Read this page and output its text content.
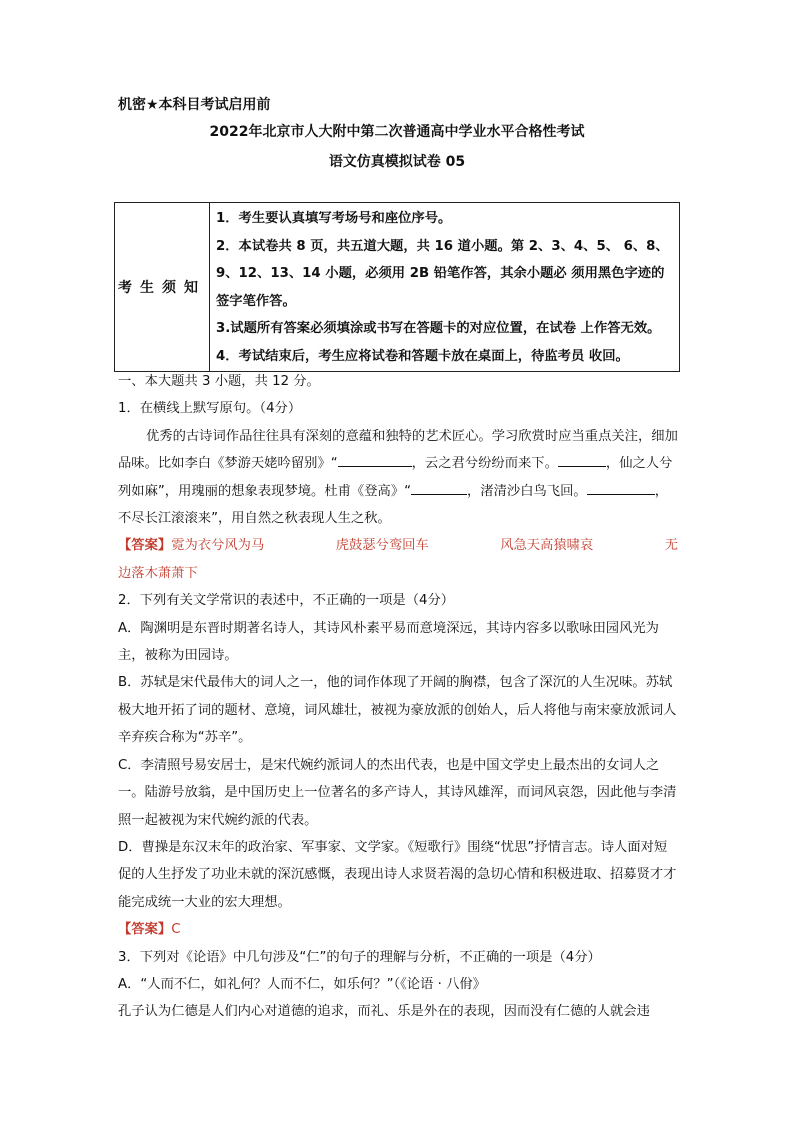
机密★本科目考试启用前
2022年北京市人大附中第二次普通高中学业水平合格性考试
语文仿真模拟试卷 05
考生须知	

1．考生要认真填写考场号和座位序号。

2．本试卷共 8 页，共五道大题，共 16 道小题。第 2、3、4、5、 6、8、9、12、13、14 小题，必须用 2B 铅笔作答，其余小题必 须用黑色字迹的签字笔作答。

3.试题所有答案必须填涂或书写在答题卡的对应位置，在试卷 上作答无效。

4．考试结束后，考生应将试卷和答题卡放在桌面上，待监考员 收回。

一、本大题共 3 小题，共 12 分。

1．在横线上默写原句。（4分）

优秀的古诗词作品往往具有深刻的意蕴和独特的艺术匠心。学习欣赏时应当重点关注，细加品味。比如李白《梦游天姥吟留别》“	，云之君兮纷纷而来下。	，仙之人兮列如麻”，用瑰丽的想象表现梦境。杜甫《登高》“	，渚清沙白鸟飞回。	，不尽长江滚滚来”，用自然之秋表现人生之秋。

【答案】霓为衣兮风为马	虎鼓瑟兮鸾回车	风急天高猿啸哀	无

边落木萧萧下

2．下列有关文学常识的表述中，不正确的一项是（4分）

A．陶渊明是东晋时期著名诗人，其诗风朴素平易而意境深远，其诗内容多以歌咏田园风光为主，被称为田园诗。

B．苏轼是宋代最伟大的词人之一，他的词作体现了开阔的胸襟，包含了深沉的人生况味。苏轼极大地开拓了词的题材、意境，词风雄壮，被视为豪放派的创始人，后人将他与南宋豪放派词人辛弃疾合称为“苏辛”。

C．李清照号易安居士，是宋代婉约派词人的杰出代表，也是中国文学史上最杰出的女词人之一。陆游号放翁，是中国历史上一位著名的多产诗人，其诗风雄浑，而词风哀怨，因此他与李清照一起被视为宋代婉约派的代表。

D．曹操是东汉末年的政治家、军事家、文学家。《短歌行》围绕“忧思”抒情言志。诗人面对短促的人生抒发了功业未就的深沉感慨，表现出诗人求贤若渴的急切心情和积极进取、招募贤才才能完成统一大业的宏大理想。

【答案】C

3．下列对《论语》中几句涉及“仁”的句子的理解与分析，不正确的一项是（4分）

A．“人而不仁，如礼何？人而不仁，如乐何？”（《论语 · 八佾》

孔子认为仁德是人们内心对道德的追求，而礼、乐是外在的表现，因而没有仁德的人就会违
